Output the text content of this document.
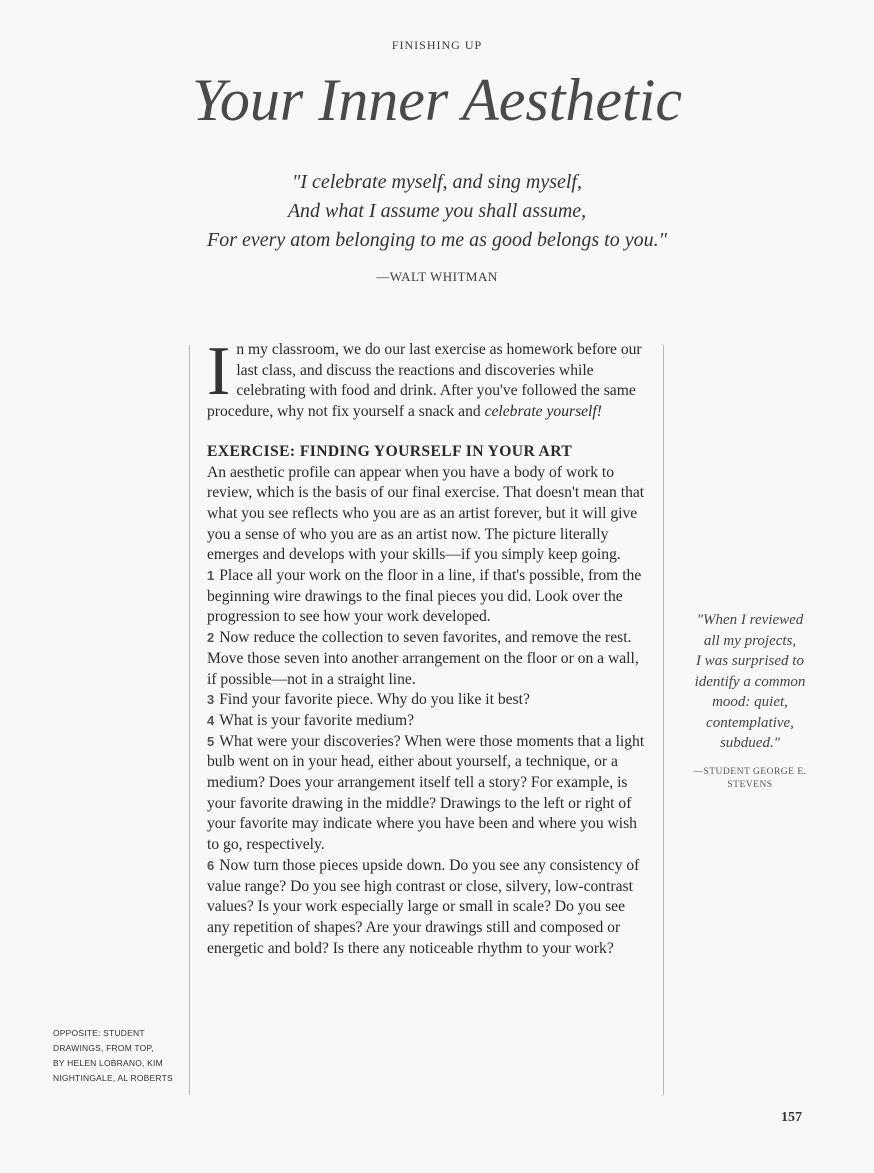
FINISHING UP
Your Inner Aesthetic
"I celebrate myself, and sing myself,
And what I assume you shall assume,
For every atom belonging to me as good belongs to you."
—WALT WHITMAN
In my classroom, we do our last exercise as homework before our last class, and discuss the reactions and discoveries while celebrating with food and drink. After you've followed the same procedure, why not fix yourself a snack and celebrate yourself!
EXERCISE: FINDING YOURSELF IN YOUR ART

An aesthetic profile can appear when you have a body of work to review, which is the basis of our final exercise. That doesn't mean that what you see reflects who you are as an artist forever, but it will give you a sense of who you are as an artist now. The picture literally emerges and develops with your skills—if you simply keep going.

1 Place all your work on the floor in a line, if that's possible, from the beginning wire drawings to the final pieces you did. Look over the progression to see how your work developed.

2 Now reduce the collection to seven favorites, and remove the rest. Move those seven into another arrangement on the floor or on a wall, if possible—not in a straight line.

3 Find your favorite piece. Why do you like it best?

4 What is your favorite medium?

5 What were your discoveries? When were those moments that a light bulb went on in your head, either about yourself, a technique, or a medium? Does your arrangement itself tell a story? For example, is your favorite drawing in the middle? Drawings to the left or right of your favorite may indicate where you have been and where you wish to go, respectively.

6 Now turn those pieces upside down. Do you see any consistency of value range? Do you see high contrast or close, silvery, low-contrast values? Is your work especially large or small in scale? Do you see any repetition of shapes? Are your drawings still and composed or energetic and bold? Is there any noticeable rhythm to your work?

"When I reviewed
all my projects,
I was surprised to
identify a common
mood: quiet,
contemplative,
subdued."
—STUDENT GEORGE E. STEVENS
OPPOSITE: STUDENT
DRAWINGS, FROM TOP,
BY HELEN LOBRANO, KIM
NIGHTINGALE, AL ROBERTS
157
